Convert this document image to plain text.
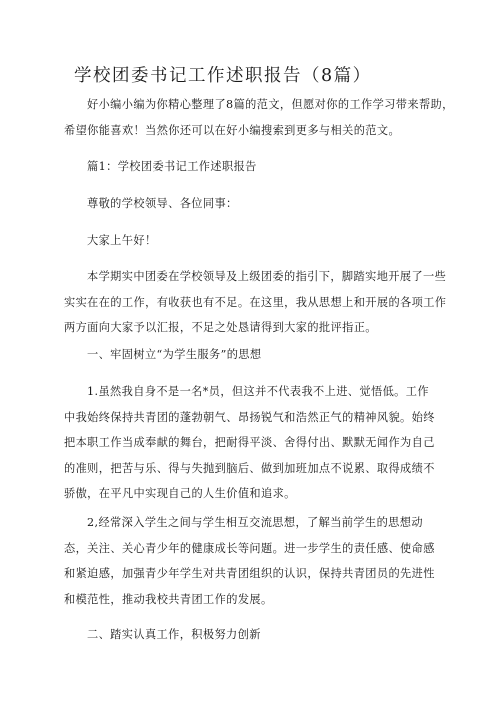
学校团委书记工作述职报告（8篇）
好小编小编为你精心整理了8篇的范文，但愿对你的工作学习带来帮助，
希望你能喜欢！当然你还可以在好小编搜索到更多与相关的范文。
篇1：学校团委书记工作述职报告
尊敬的学校领导、各位同事：
大家上午好！
本学期实中团委在学校领导及上级团委的指引下，脚踏实地开展了一些
实实在在的工作，有收获也有不足。在这里，我从思想上和开展的各项工作
两方面向大家予以汇报，不足之处恳请得到大家的批评指正。
一、牢固树立“为学生服务”的思想
1.虽然我自身不是一名*员，但这并不代表我不上进、觉悟低。工作
中我始终保持共青团的蓬勃朝气、昂扬锐气和浩然正气的精神风貌。始终
把本职工作当成奉献的舞台，把耐得平淡、舍得付出、默默无闻作为自己
的准则，把苦与乐、得与失抛到脑后、做到加班加点不说累、取得成绩不
骄傲，在平凡中实现自己的人生价值和追求。
2,经常深入学生之间与学生相互交流思想，了解当前学生的思想动
态，关注、关心青少年的健康成长等问题。进一步学生的责任感、使命感
和紧迫感，加强青少年学生对共青团组织的认识，保持共青团员的先进性
和模范性，推动我校共青团工作的发展。
二、踏实认真工作，积极努力创新
